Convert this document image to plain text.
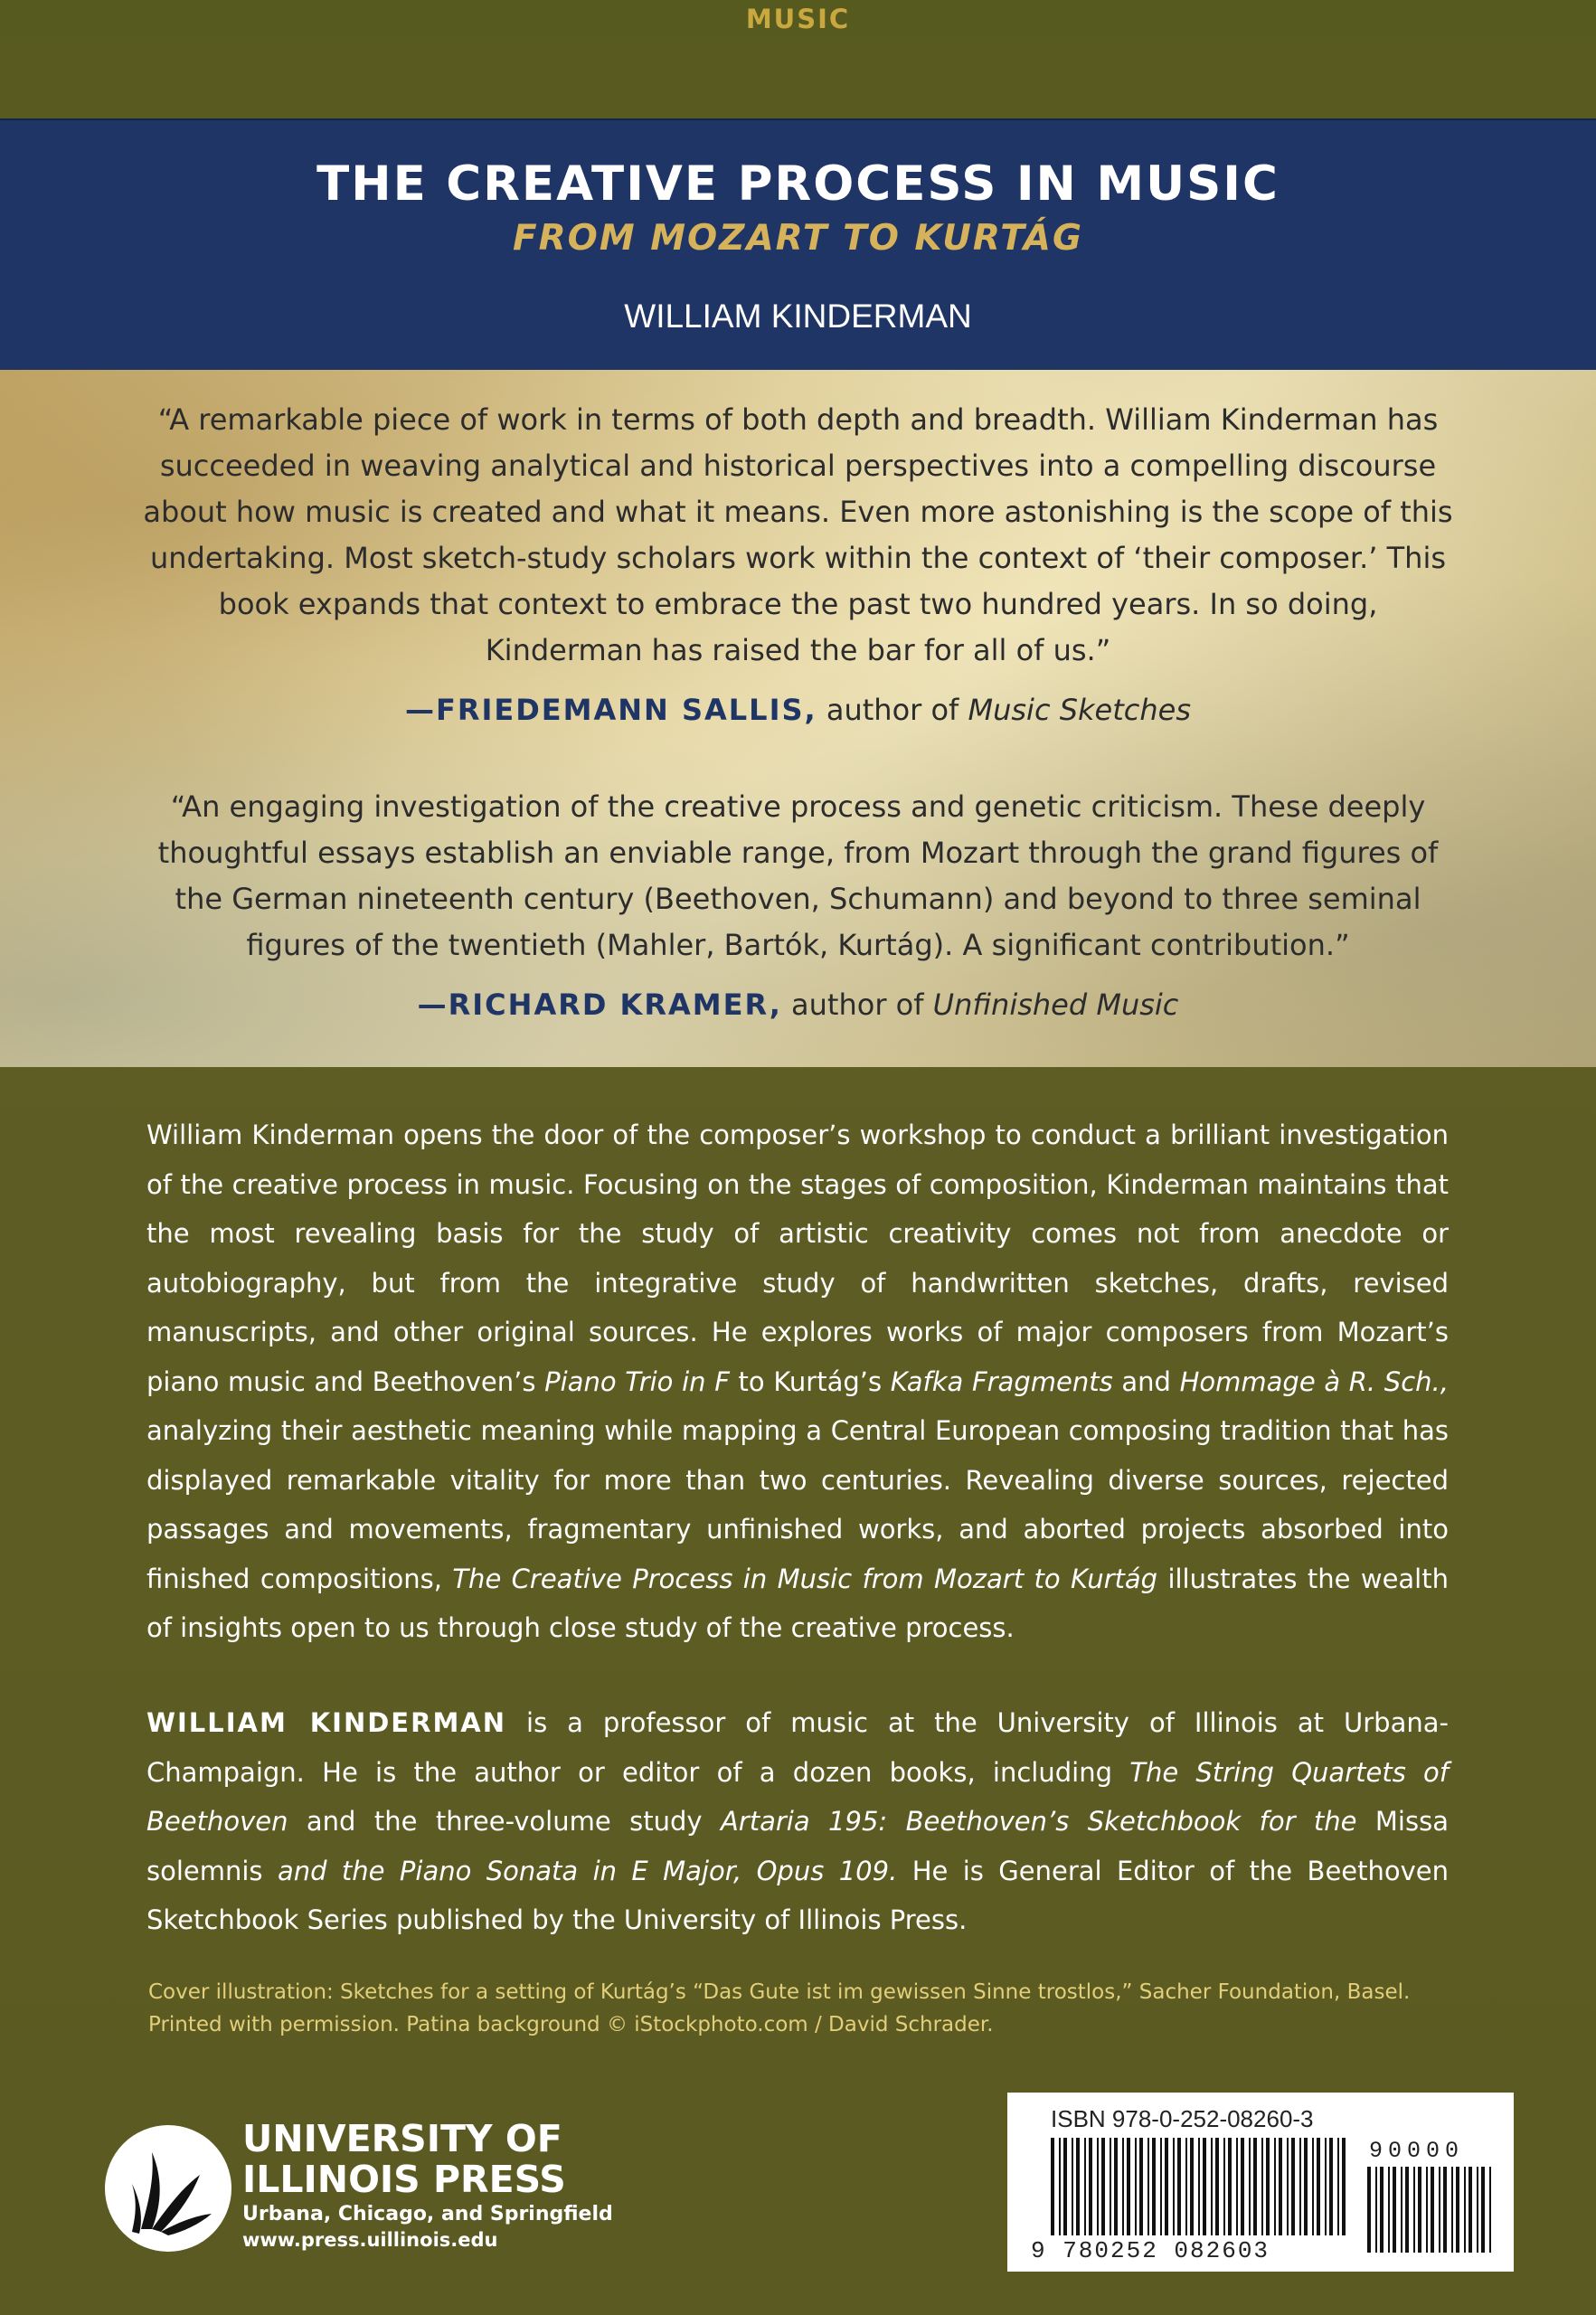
MUSIC
THE CREATIVE PROCESS IN MUSIC
FROM MOZART TO KURTÁG
WILLIAM KINDERMAN
“A remarkable piece of work in terms of both depth and breadth. William Kinderman has succeeded in weaving analytical and historical perspectives into a compelling discourse about how music is created and what it means. Even more astonishing is the scope of this undertaking. Most sketch-study scholars work within the context of ‘their composer.’ This book expands that context to embrace the past two hundred years. In so doing, Kinderman has raised the bar for all of us.”
—FRIEDEMANN SALLIS, author of Music Sketches
“An engaging investigation of the creative process and genetic criticism. These deeply thoughtful essays establish an enviable range, from Mozart through the grand figures of the German nineteenth century (Beethoven, Schumann) and beyond to three seminal figures of the twentieth (Mahler, Bartók, Kurtág). A significant contribution.”
—RICHARD KRAMER, author of Unfinished Music
William Kinderman opens the door of the composer’s workshop to conduct a brilliant investigation of the creative process in music. Focusing on the stages of composition, Kinderman maintains that the most revealing basis for the study of artistic creativity comes not from anecdote or autobiography, but from the integrative study of handwritten sketches, drafts, revised manuscripts, and other original sources. He explores works of major composers from Mozart’s piano music and Beethoven’s Piano Trio in F to Kurtág’s Kafka Fragments and Hommage à R. Sch., analyzing their aesthetic meaning while mapping a Central European composing tradition that has displayed remarkable vitality for more than two centuries. Revealing diverse sources, rejected passages and movements, fragmentary unfinished works, and aborted projects absorbed into finished compositions, The Creative Process in Music from Mozart to Kurtág illustrates the wealth of insights open to us through close study of the creative process.
WILLIAM KINDERMAN is a professor of music at the University of Illinois at Urbana-Champaign. He is the author or editor of a dozen books, including The String Quartets of Beethoven and the three-volume study Artaria 195: Beethoven’s Sketchbook for the Missa solemnis and the Piano Sonata in E Major, Opus 109. He is General Editor of the Beethoven Sketchbook Series published by the University of Illinois Press.
Cover illustration: Sketches for a setting of Kurtág’s “Das Gute ist im gewissen Sinne trostlos,” Sacher Foundation, Basel.
Printed with permission. Patina background © iStockphoto.com / David Schrader.
UNIVERSITY OF
ILLINOIS PRESS
Urbana, Chicago, and Springfield
www.press.uillinois.edu
ISBN 978-0-252-08260-3
90000
9 780252 082603
